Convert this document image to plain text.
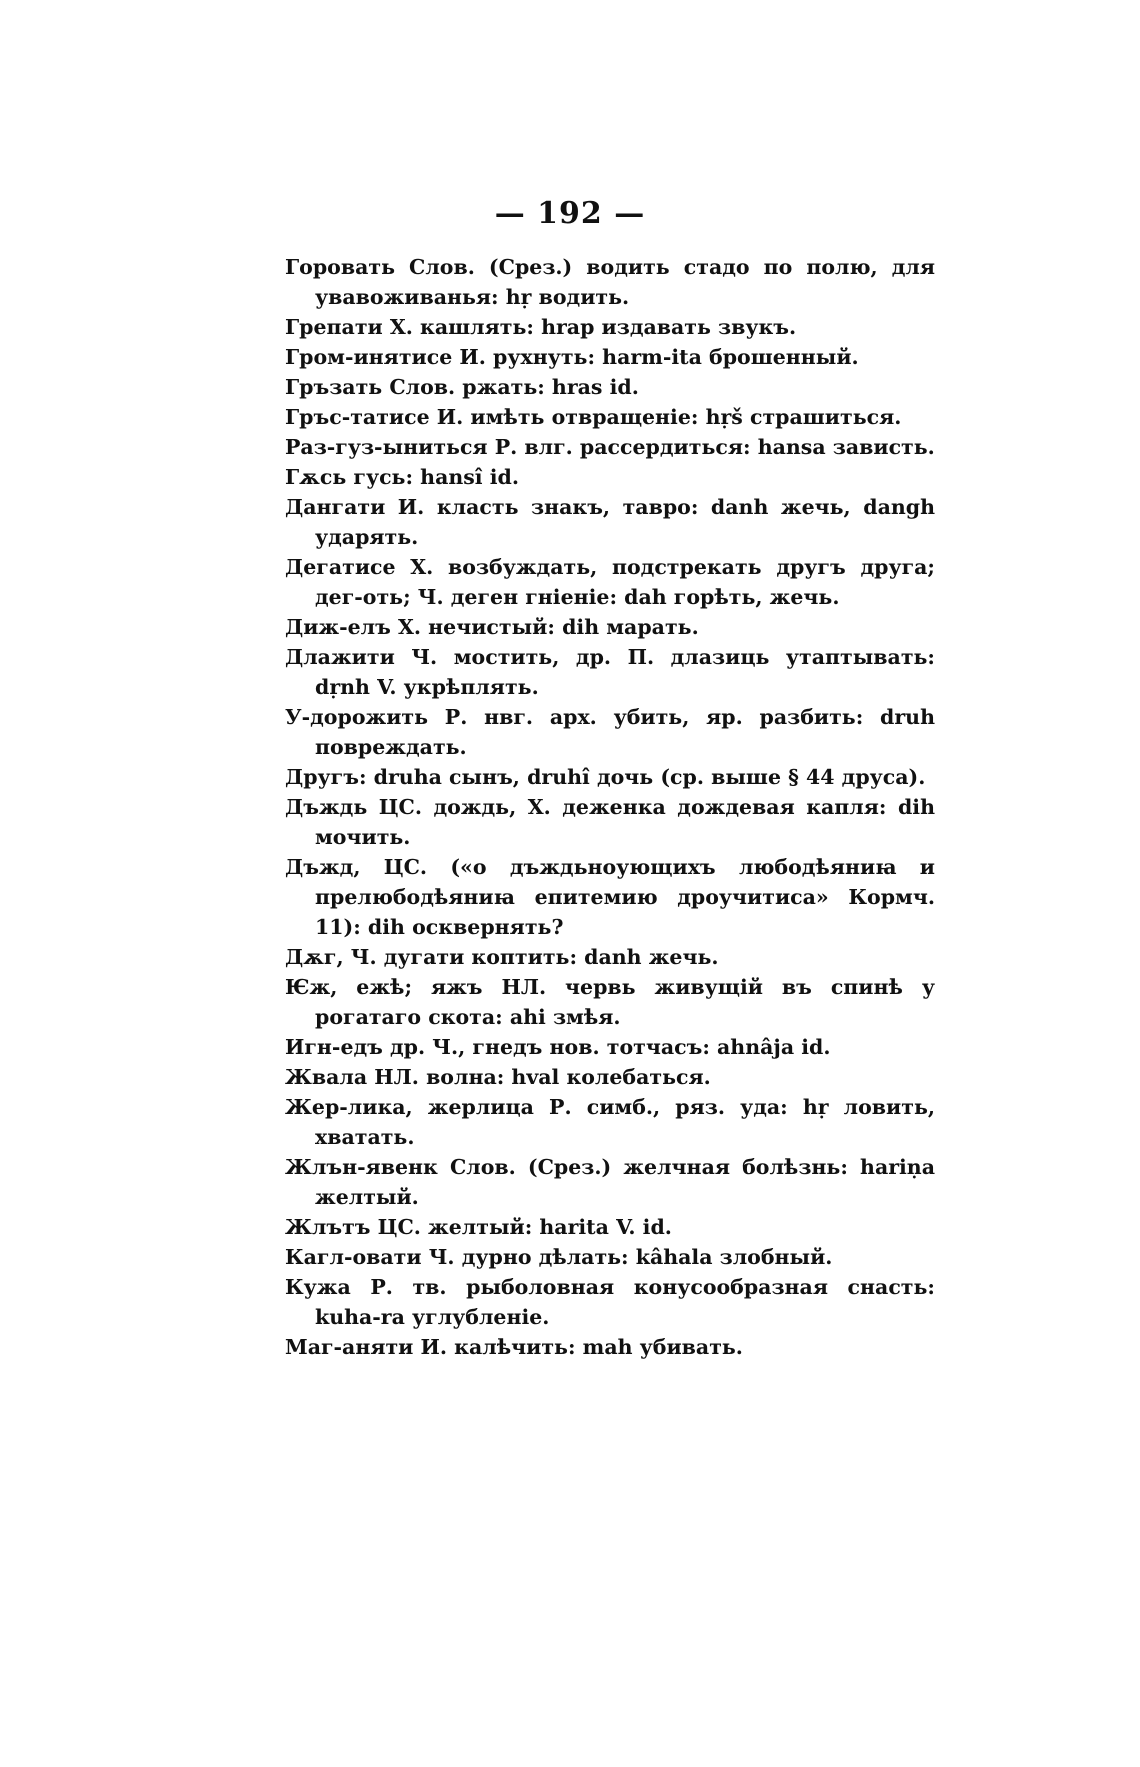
— 192 —

Горовать Слов. (Срез.) водить стадо по полю, для увавоживанья: hṛ водить.

Грепати Х. кашлять: hrap издавать звукъ.

Гром-инятисе И. рухнуть: harm-ita брошенный.

Гръзать Слов. ржать: hras id.

Гръс-татисе И. имѣть отвращеніе: hṛš страшиться.

Раз-гуз-ыниться Р. влг. рассердиться: hansa зависть.

Гѫсь гусь: hansî id.

Дангати И. класть знакъ, тавро: danh жечь, dangh ударять.

Дегатисе Х. возбуждать, подстрекать другъ друга; дег-оть; Ч. деген гніеніе: dah горѣть, жечь.

Диж-елъ Х. нечистый: dih марать.

Длажити Ч. мостить, др. П. длазиць утаптывать: dṛnh V. укрѣплять.

У-дорожить Р. нвг. арх. убить, яр. разбить: druh повреждать.

Другъ: druha сынъ, druhî дочь (ср. выше § 44 друса).

Дъждь ЦС. дождь, Х. деженка дождевая капля: dih мочить.

Дъжд, ЦС. («о дъждьноующихъ любодѣяниꙗ и прелюбодѣяниꙗ епитемию дроучитиса» Кормч. 11): dih осквернять?

Дѫг, Ч. дугати коптить: danh жечь.

Ѥж, ежѣ; яжъ НЛ. червь живущій въ спинѣ у рогатаго скота: ahi змѣя.

Игн-едъ др. Ч., гнедъ нов. тотчасъ: ahnâja id.

Жвала НЛ. волна: hval колебаться.

Жер-лика, жерлица Р. симб., ряз. уда: hṛ ловить, хватать.

Жлън-явенк Слов. (Срез.) желчная болѣзнь: hariṇa желтый.

Жлътъ ЦС. желтый: harita V. id.

Кагл-овати Ч. дурно дѣлать: kâhala злобный.

Кужа Р. тв. рыболовная конусообразная снасть: kuha-ra углубленіе.

Маг-аняти И. калѣчить: mah убивать.
